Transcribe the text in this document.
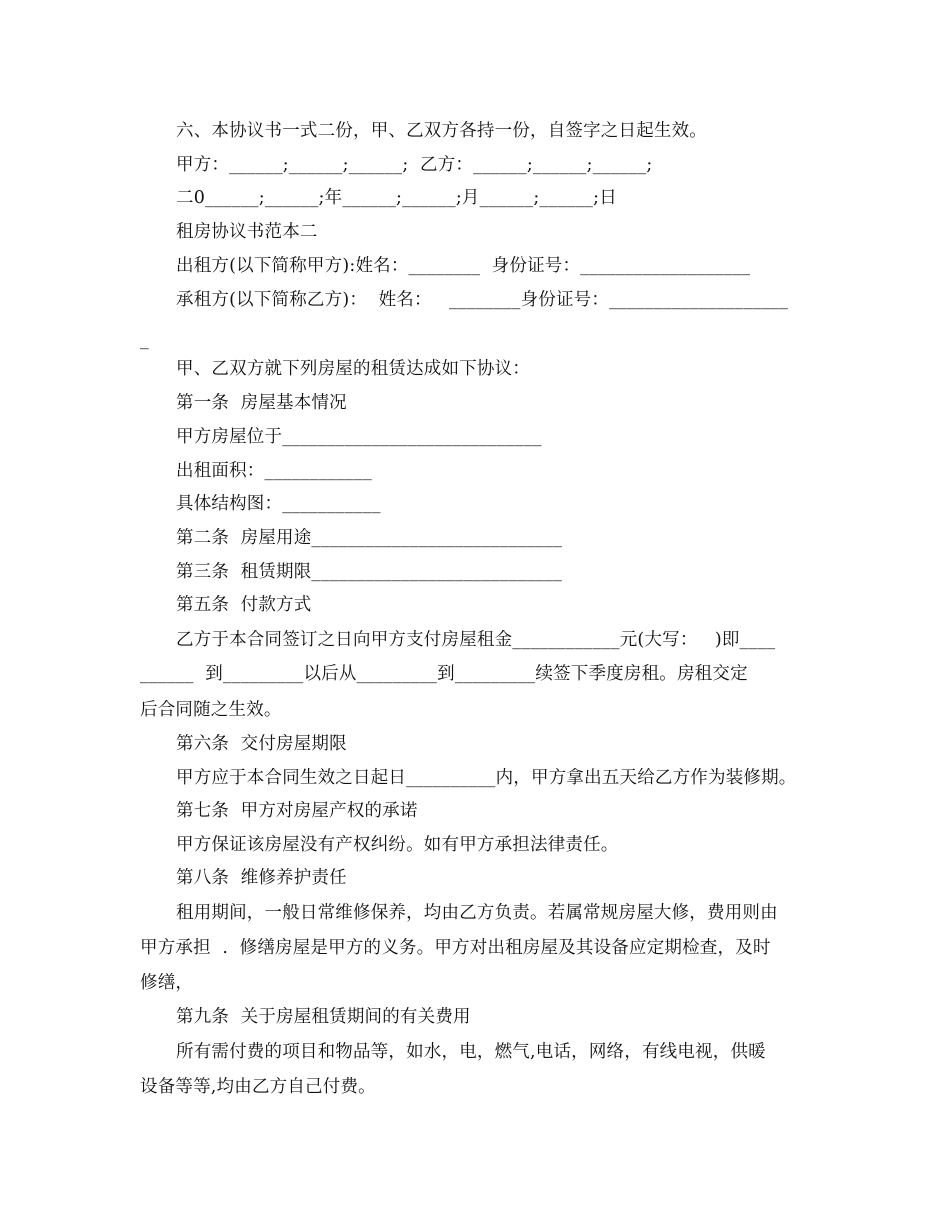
六、本协议书一式二份，甲、乙双方各持一份，自签字之日起生效。
甲方：______;______;______;  乙方：______;______;______;
二0______;______;年______;______;月______;______;日
租房协议书范本二
出租方(以下简称甲方):姓名：________  身份证号：___________________
承租方(以下简称乙方)：  姓名：   ________身份证号：____________________
_
甲、乙双方就下列房屋的租赁达成如下协议：
第一条  房屋基本情况
甲方房屋位于_____________________________
出租面积：____________
具体结构图：___________
第二条  房屋用途____________________________
第三条  租赁期限____________________________
第五条  付款方式
乙方于本合同签订之日向甲方支付房屋租金____________元(大写：   )即____
______  到_________以后从_________到_________续签下季度房租。房租交定
后合同随之生效。
第六条  交付房屋期限
甲方应于本合同生效之日起日__________内，甲方拿出五天给乙方作为装修期。
第七条  甲方对房屋产权的承诺
甲方保证该房屋没有产权纠纷。如有甲方承担法律责任。
第八条  维修养护责任
租用期间，一般日常维修保养，均由乙方负责。若属常规房屋大修，费用则由
甲方承担  .  修缮房屋是甲方的义务。甲方对出租房屋及其设备应定期检查，及时
修缮，
第九条  关于房屋租赁期间的有关费用
所有需付费的项目和物品等，如水，电，燃气,电话，网络，有线电视，供暖
设备等等,均由乙方自己付费。
